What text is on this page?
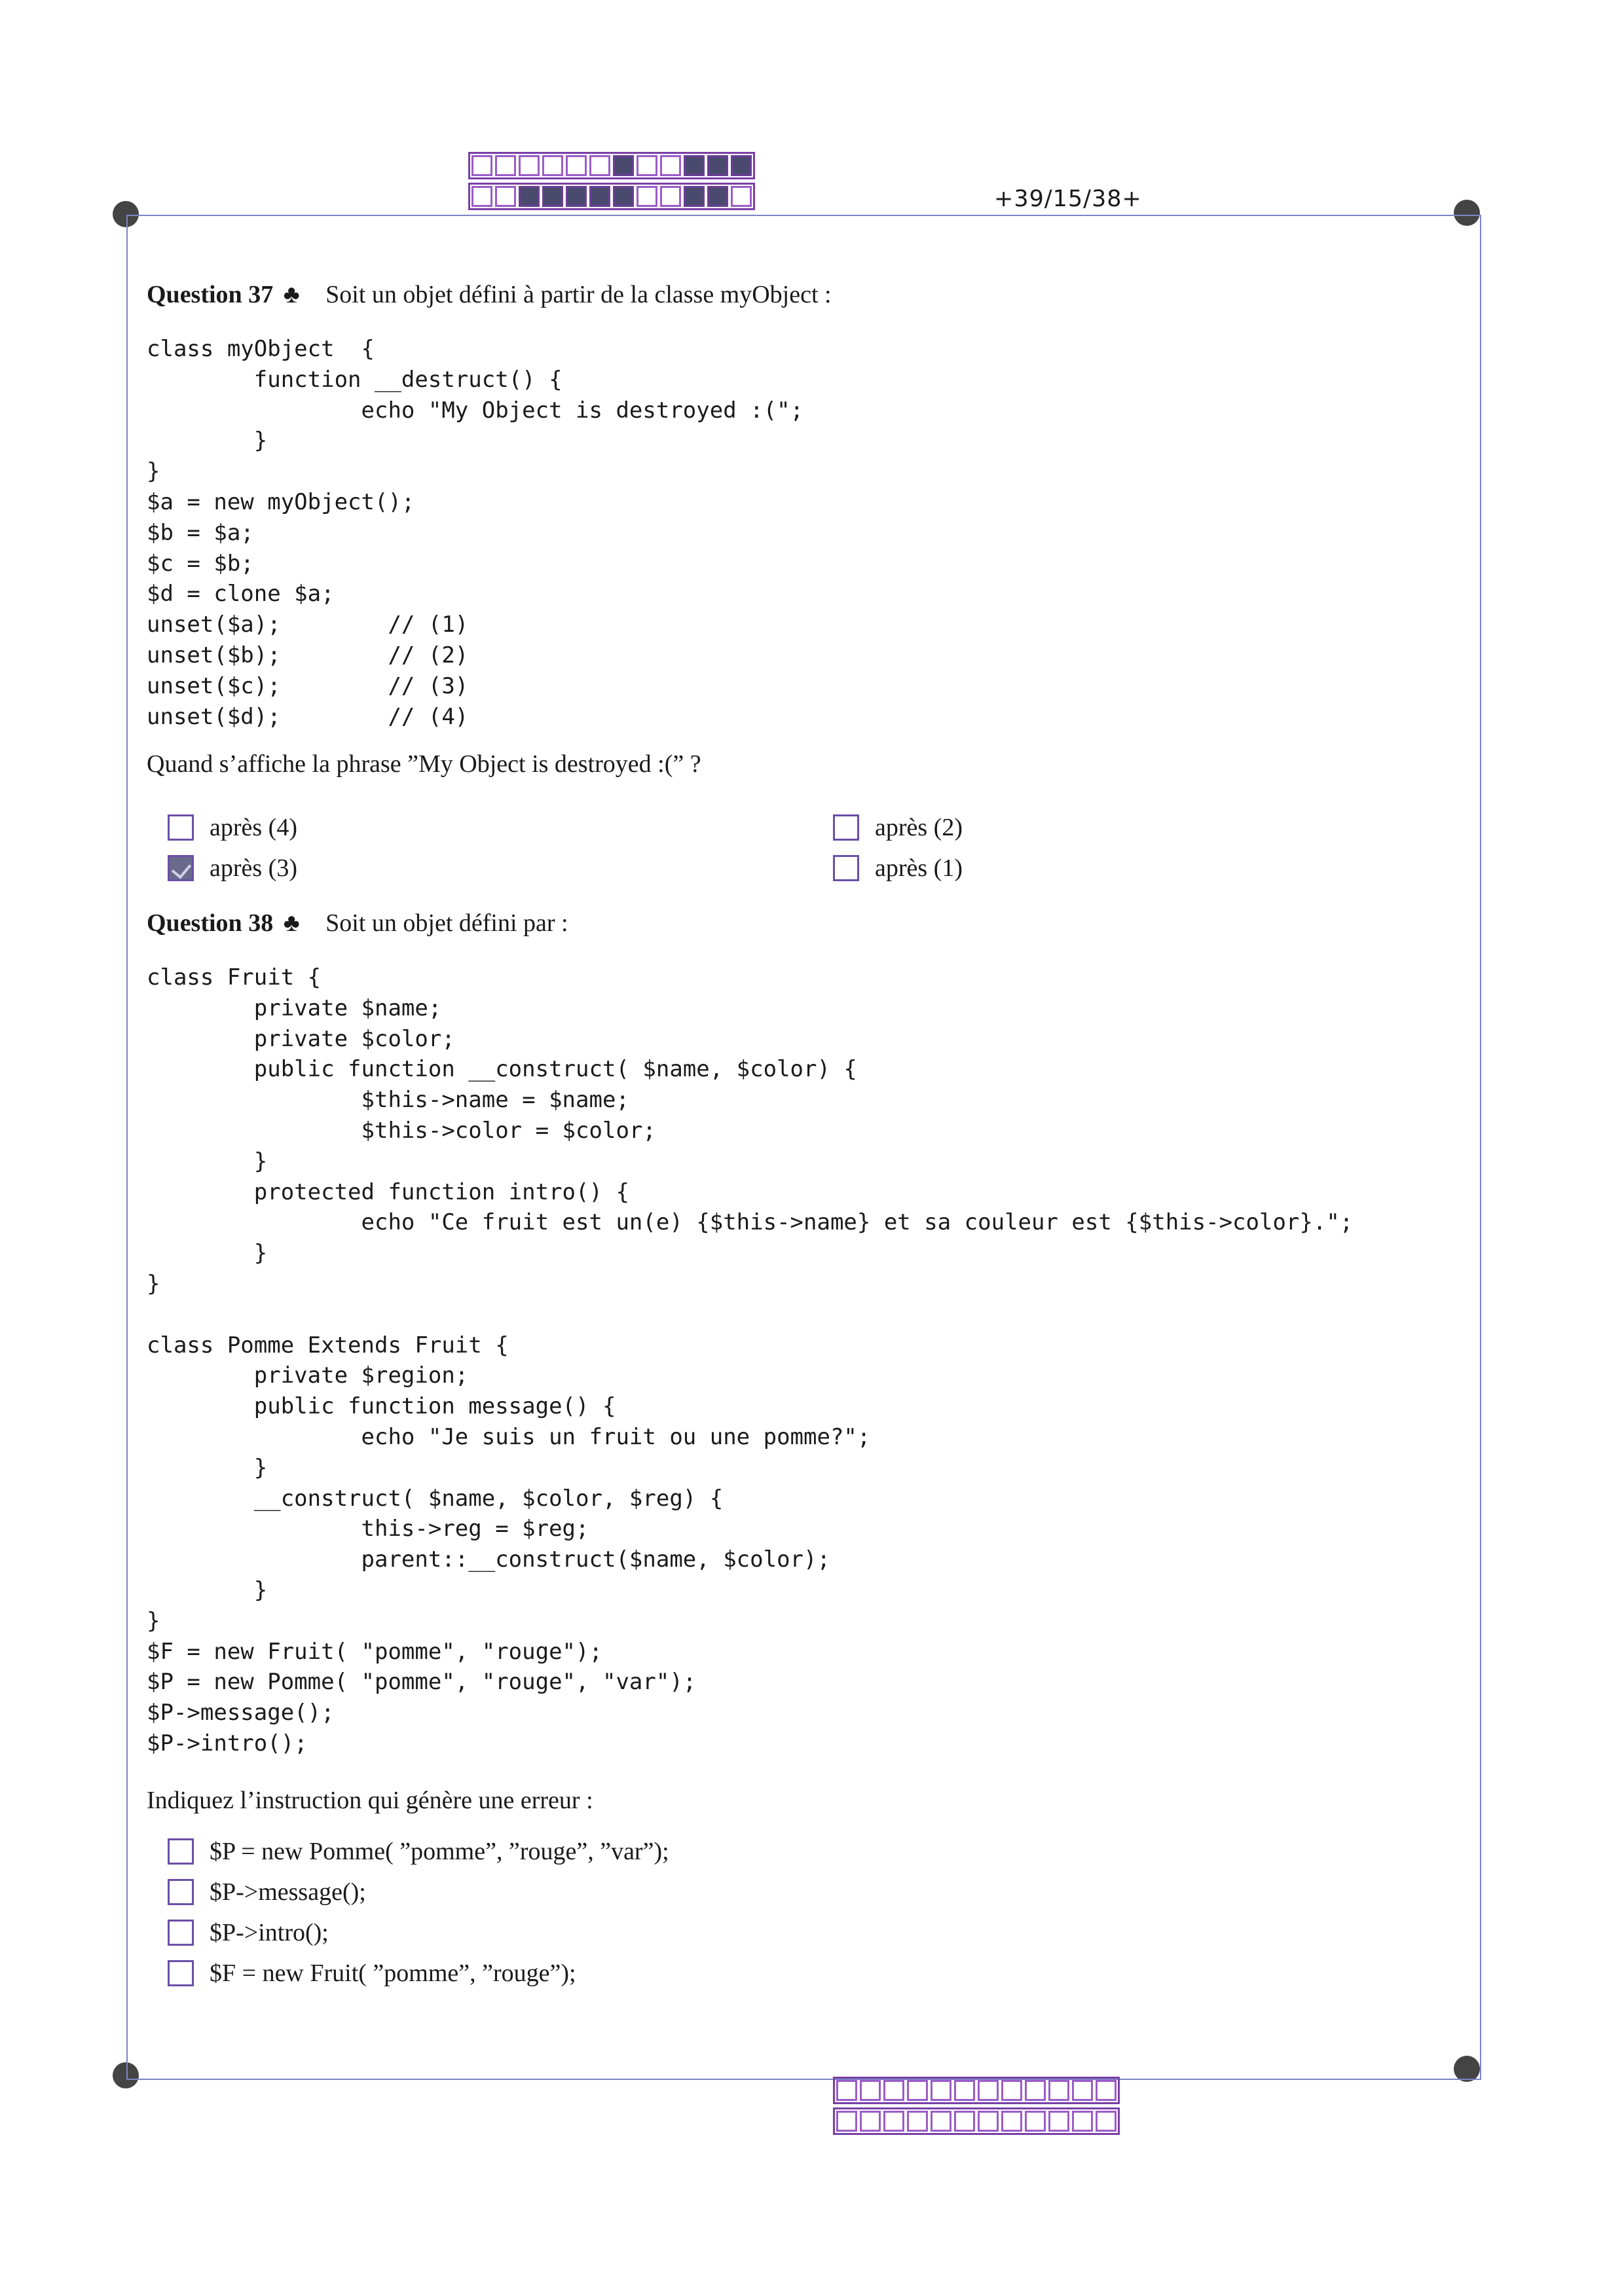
+39/15/38+
Question 37 ♣ Soit un objet défini à partir de la classe myObject :
class myObject  {
function __destruct() {
echo "My Object is destroyed :(";
}
}
$a = new myObject();
$b = $a;
$c = $b;
$d = clone $a;
unset($a);        // (1)
unset($b);        // (2)
unset($c);        // (3)
unset($d);        // (4)
Quand s’affiche la phrase ”My Object is destroyed :(” ?
après (4)
après (3)
après (2)
après (1)
Question 38 ♣ Soit un objet défini par :
class Fruit {
private $name;
private $color;
public function __construct( $name, $color) {
$this->name = $name;
$this->color = $color;
}
protected function intro() {
echo "Ce fruit est un(e) {$this->name} et sa couleur est {$this->color}.";
}
}

class Pomme Extends Fruit {
private $region;
public function message() {
echo "Je suis un fruit ou une pomme?";
}
__construct( $name, $color, $reg) {
this->reg = $reg;
parent::__construct($name, $color);
}
}
$F = new Fruit( "pomme", "rouge");
$P = new Pomme( "pomme", "rouge", "var");
$P->message();
$P->intro();
Indiquez l’instruction qui génère une erreur :
$P = new Pomme( ”pomme”, ”rouge”, ”var”);
$P->message();
$P->intro();
$F = new Fruit( ”pomme”, ”rouge”);
